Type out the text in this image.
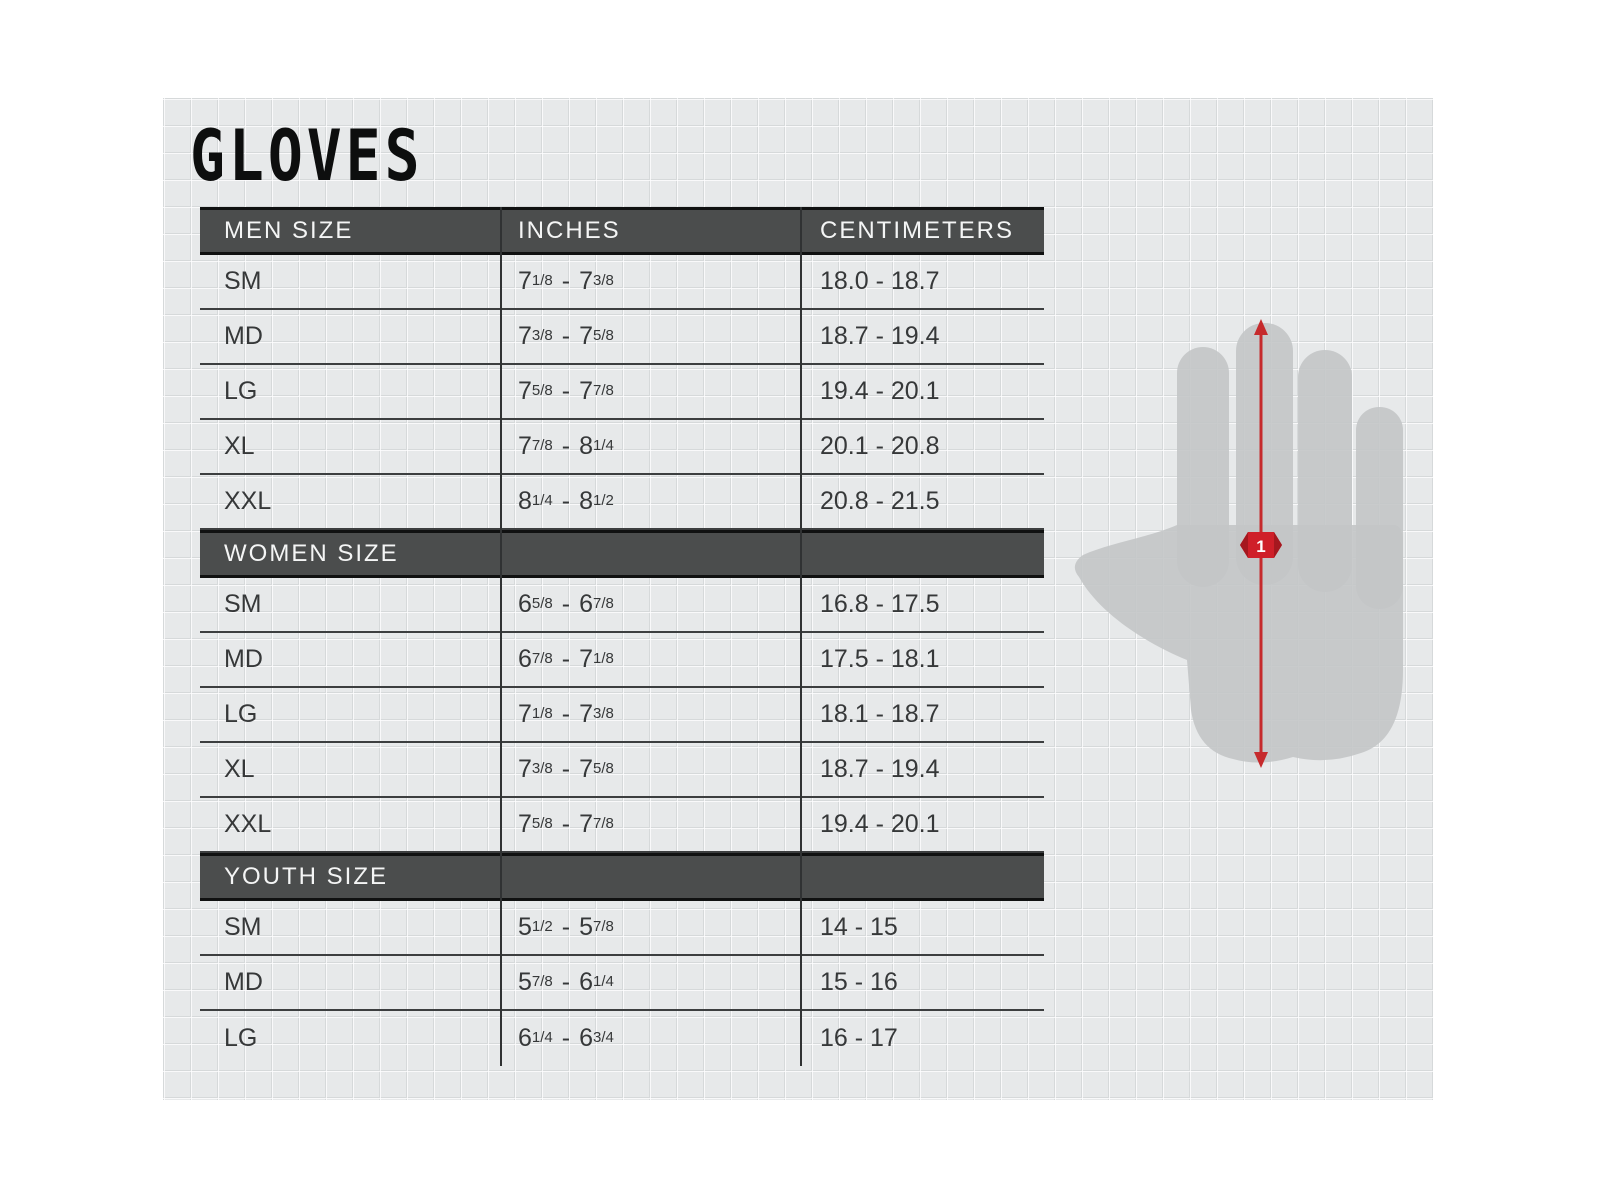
GLOVES
MEN SIZE	INCHES	CENTIMETERS
SM	$7^{1/8} - 7^{3/8}$	18.0 - 18.7
MD	$7^{3/8} - 7^{5/8}$	18.7 - 19.4
LG	$7^{5/8} - 7^{7/8}$	19.4 - 20.1
XL	$7^{7/8} - 8^{1/4}$	20.1 - 20.8
XXL	$8^{1/4} - 8^{1/2}$	20.8 - 21.5
WOMEN SIZE
SM	$6^{5/8} - 6^{7/8}$	16.8 - 17.5
MD	$6^{7/8} - 7^{1/8}$	17.5 - 18.1
LG	$7^{1/8} - 7^{3/8}$	18.1 - 18.7
XL	$7^{3/8} - 7^{5/8}$	18.7 - 19.4
XXL	$7^{5/8} - 7^{7/8}$	19.4 - 20.1
YOUTH SIZE
SM	$5^{1/2} - 5^{7/8}$	14 - 15
MD	$5^{7/8} - 6^{1/4}$	15 - 16
LG	$6^{1/4} - 6^{3/4}$	16 - 17
1
